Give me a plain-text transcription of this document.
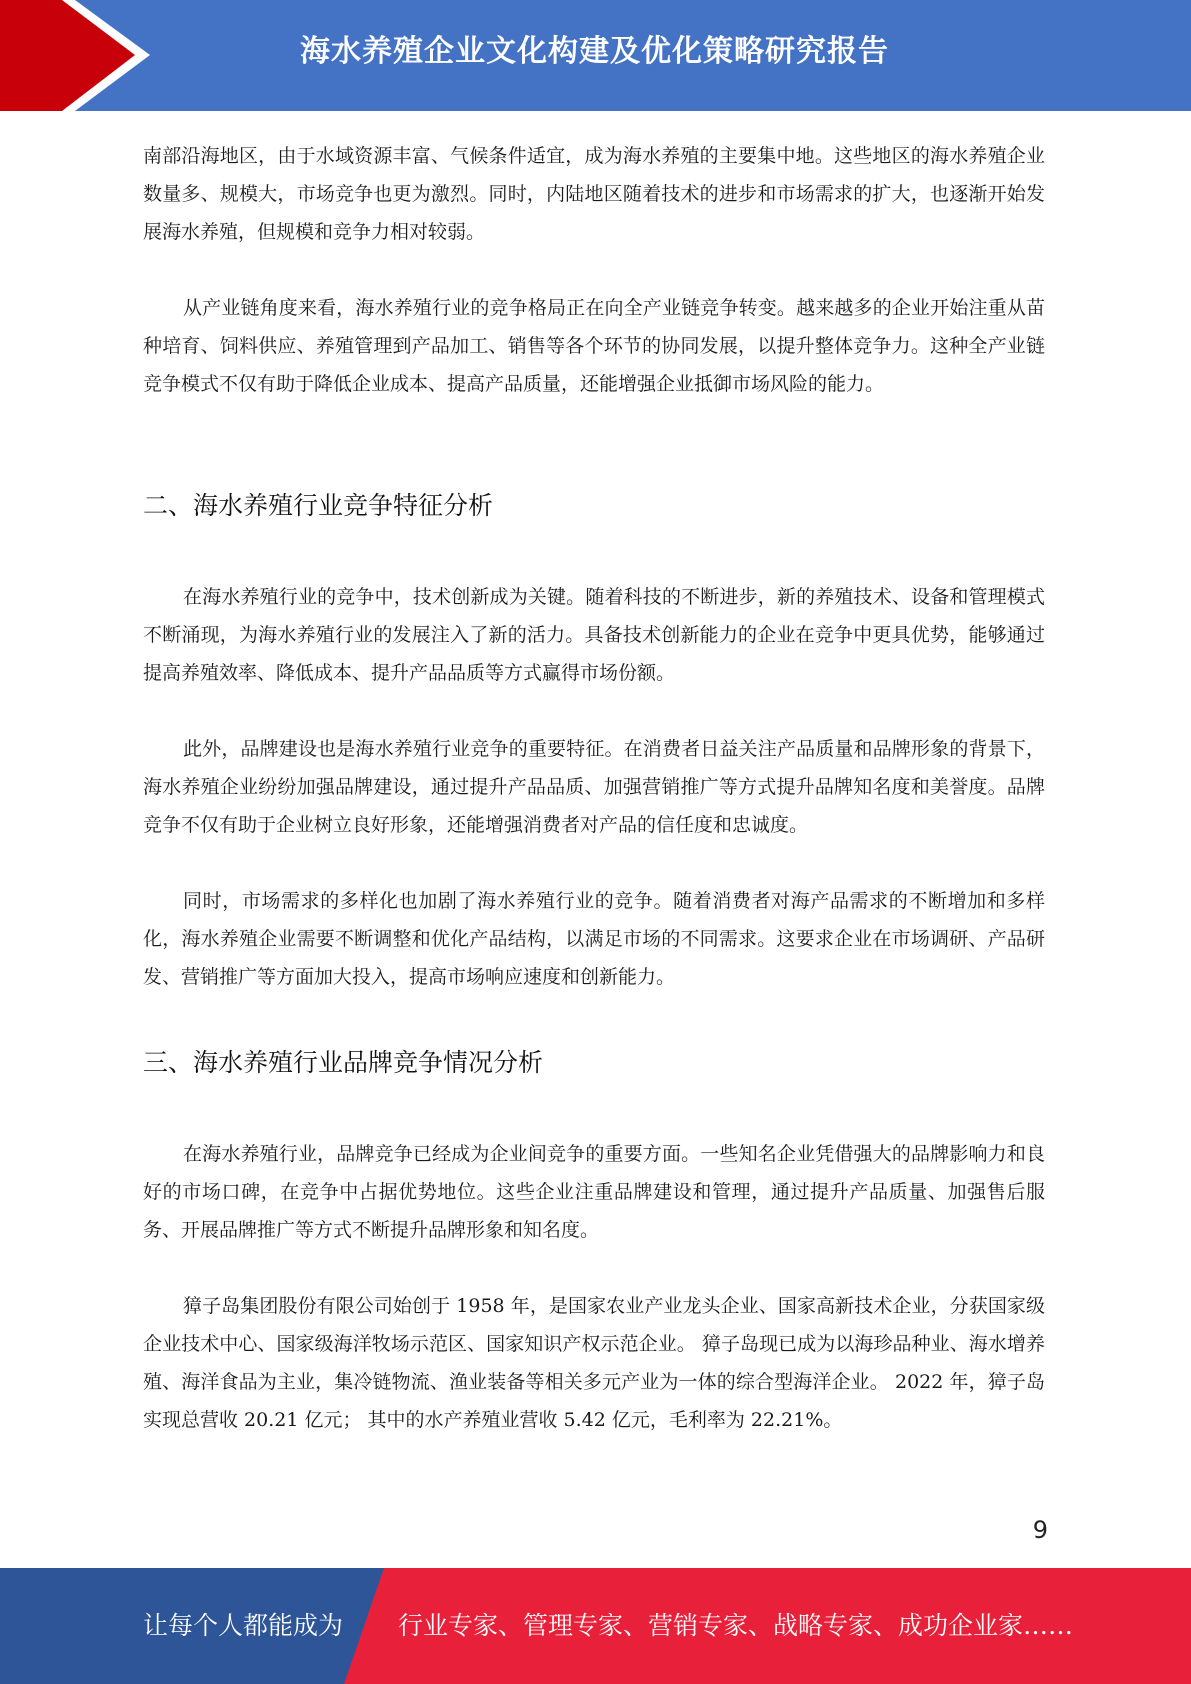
海水养殖企业文化构建及优化策略研究报告

南部沿海地区，由于水域资源丰富、气候条件适宜，成为海水养殖的主要集中地。这些地区的海水养殖企业数量多、规模大，市场竞争也更为激烈。同时，内陆地区随着技术的进步和市场需求的扩大，也逐渐开始发展海水养殖，但规模和竞争力相对较弱。

从产业链角度来看，海水养殖行业的竞争格局正在向全产业链竞争转变。越来越多的企业开始注重从苗种培育、饲料供应、养殖管理到产品加工、销售等各个环节的协同发展，以提升整体竞争力。这种全产业链竞争模式不仅有助于降低企业成本、提高产品质量，还能增强企业抵御市场风险的能力。

二、海水养殖行业竞争特征分析

在海水养殖行业的竞争中，技术创新成为关键。随着科技的不断进步，新的养殖技术、设备和管理模式不断涌现，为海水养殖行业的发展注入了新的活力。具备技术创新能力的企业在竞争中更具优势，能够通过提高养殖效率、降低成本、提升产品品质等方式赢得市场份额。

此外，品牌建设也是海水养殖行业竞争的重要特征。在消费者日益关注产品质量和品牌形象的背景下，海水养殖企业纷纷加强品牌建设，通过提升产品品质、加强营销推广等方式提升品牌知名度和美誉度。品牌竞争不仅有助于企业树立良好形象，还能增强消费者对产品的信任度和忠诚度。

同时，市场需求的多样化也加剧了海水养殖行业的竞争。随着消费者对海产品需求的不断增加和多样化，海水养殖企业需要不断调整和优化产品结构，以满足市场的不同需求。这要求企业在市场调研、产品研发、营销推广等方面加大投入，提高市场响应速度和创新能力。

三、海水养殖行业品牌竞争情况分析

在海水养殖行业，品牌竞争已经成为企业间竞争的重要方面。一些知名企业凭借强大的品牌影响力和良好的市场口碑，在竞争中占据优势地位。这些企业注重品牌建设和管理，通过提升产品质量、加强售后服务、开展品牌推广等方式不断提升品牌形象和知名度。

獐子岛集团股份有限公司始创于 1958 年，是国家农业产业龙头企业、国家高新技术企业，分获国家级企业技术中心、国家级海洋牧场示范区、国家知识产权示范企业。 獐子岛现已成为以海珍品种业、海水增养殖、海洋食品为主业，集冷链物流、渔业装备等相关多元产业为一体的综合型海洋企业。 2022 年，獐子岛实现总营收 20.21 亿元； 其中的水产养殖业营收 5.42 亿元，毛利率为 22.21%。

9
让每个人都能成为 行业专家、管理专家、营销专家、战略专家、成功企业家……
